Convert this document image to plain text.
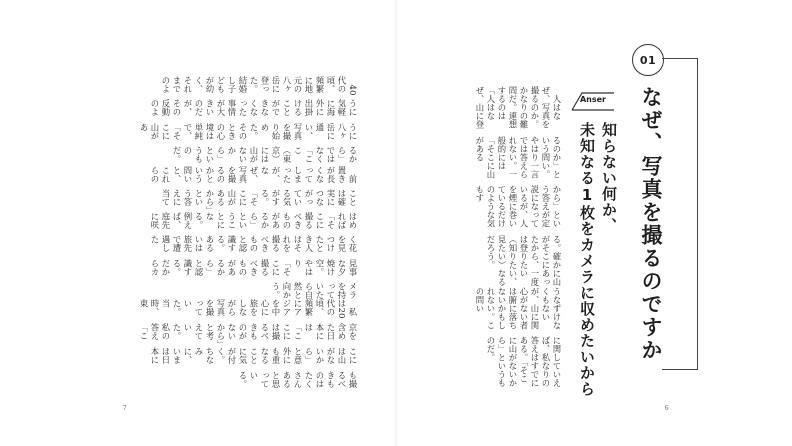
01
なぜ、写真を撮るのですか
Anser
知らない何か、
未知なる1枚をカメラに収めたいから
　人はなぜ、写真を撮るのか。かなりの難問だ。連想するのは「人はなぜ、山に登
るのか」という問い。やはり一言では答えられない。一般的には「そこに山がある
から」という答えが定説になっているが、人を煙に巻いているだけのような気もす
る。確かに山がそこにあったから、一度は登りたい（知りたい、見たい）なるだろう。
うなずけなくもないが、山に関心がない者は腑に落ちないかもしれない。この問い
に関していえば、私なりの答えはすでにある。「そこに山がないから」というものだ。
　40代の頃、頻繁に地元の八ヶ岳に登った。結婚し子どもが幼く、それまでのよ
うに気軽に海外に出掛けることができなくなった事情が大きいのだが、その反動のよ
うに八ヶ岳に通い、写真を撮り始めた。そのときの心境は単純で、「そこに山があ
るから」ではなく「ここ（東京）には山がないから」というものだ。
　前置きが長くなってしまったが、なぜ、写真を撮るのかという問いと、これらの
ことは確実につながっている気がする。「そこに山があるから」という答えに当て
はめれば「そこに撮るべきものがあるから」ということになる。例えば、庭先に咲
く花を見つけたとき人はそれを撮るべきものと認識する。あるいは旅先で遭遇した
見事な夕焼け空。やはり「そこに撮るべきものがあるから」と認識する。だからカ
メラを持っていたら自然と向かう。
　私は20代の頃、頻繁にアジアを中心に旅をしながら写真を撮っていた。当時、東
京を含めた日本には「ここには撮るべきものがないから」と考えていた。私の答え「こ
こには山がないから」と意外にも重なることに気が付く。ちなみに、いまは日本に
も撮るべきものはたくさんあると思っている。
7	6
